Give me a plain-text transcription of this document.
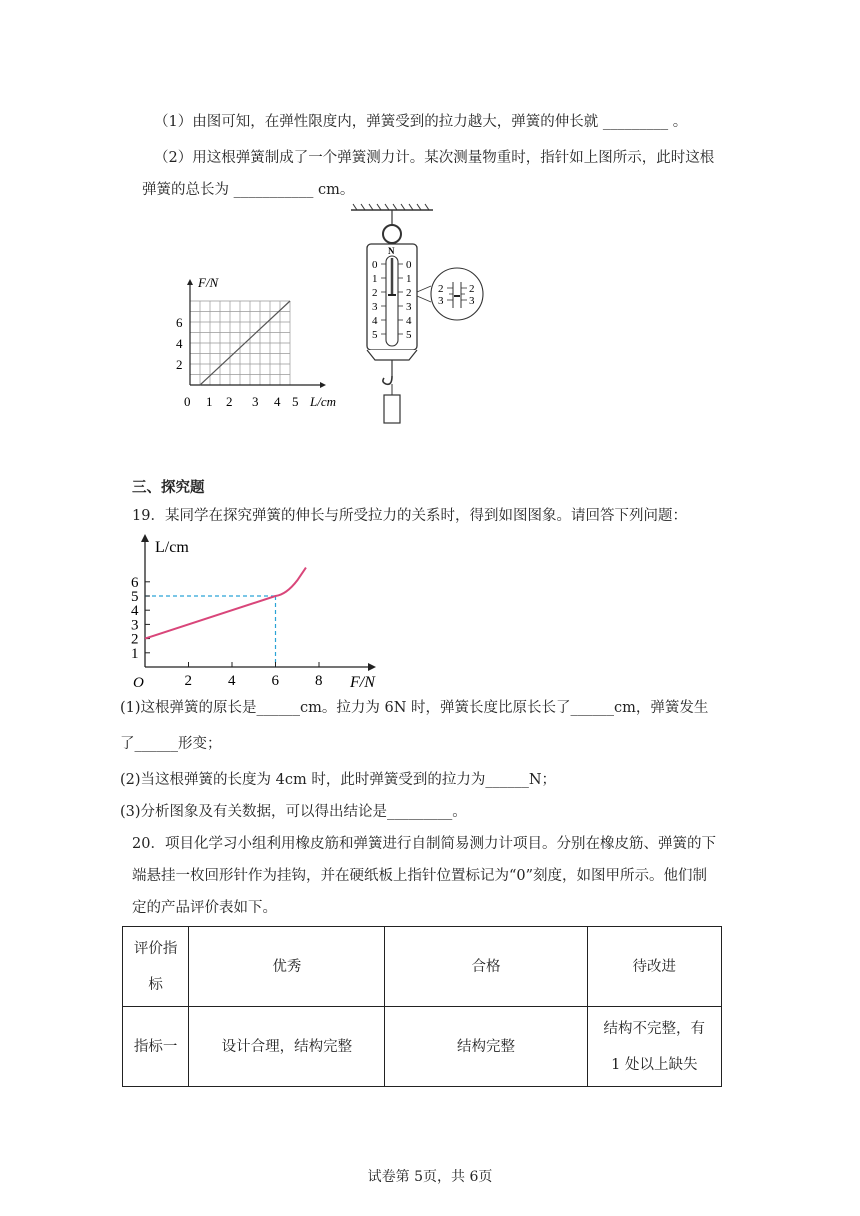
（1）由图可知，在弹性限度内，弹簧受到的拉力越大，弹簧的伸长就 _________ 。
（2）用这根弹簧制成了一个弹簧测力计。某次测量物重时，指针如上图所示，此时这根
弹簧的总长为 ___________ cm。
F/N
L/cm
0 1 2 3 4 5
2
4
6
N
0
1
2
3
4
5
0
1
2
3
4
5
2
3
2
3
三、探究题
19．某同学在探究弹簧的伸长与所受拉力的关系时，得到如图图象。请回答下列问题：
1
2
3
4
5
6
2 4 6 8
O
L/cm
F/N
(1)这根弹簧的原长是______cm。拉力为 6N 时，弹簧长度比原长长了______cm，弹簧发生
了______形变；
(2)当这根弹簧的长度为 4cm 时，此时弹簧受到的拉力为______N；
(3)分析图象及有关数据，可以得出结论是_________。
20．项目化学习小组利用橡皮筋和弹簧进行自制简易测力计项目。分别在橡皮筋、弹簧的下
端悬挂一枚回形针作为挂钩，并在硬纸板上指针位置标记为“0”刻度，如图甲所示。他们制
定的产品评价表如下。
评价指标	优秀	合格	待改进
指标一	设计合理，结构完整	结构完整	结构不完整，有 1 处以上缺失
试卷第 5页，共 6页
